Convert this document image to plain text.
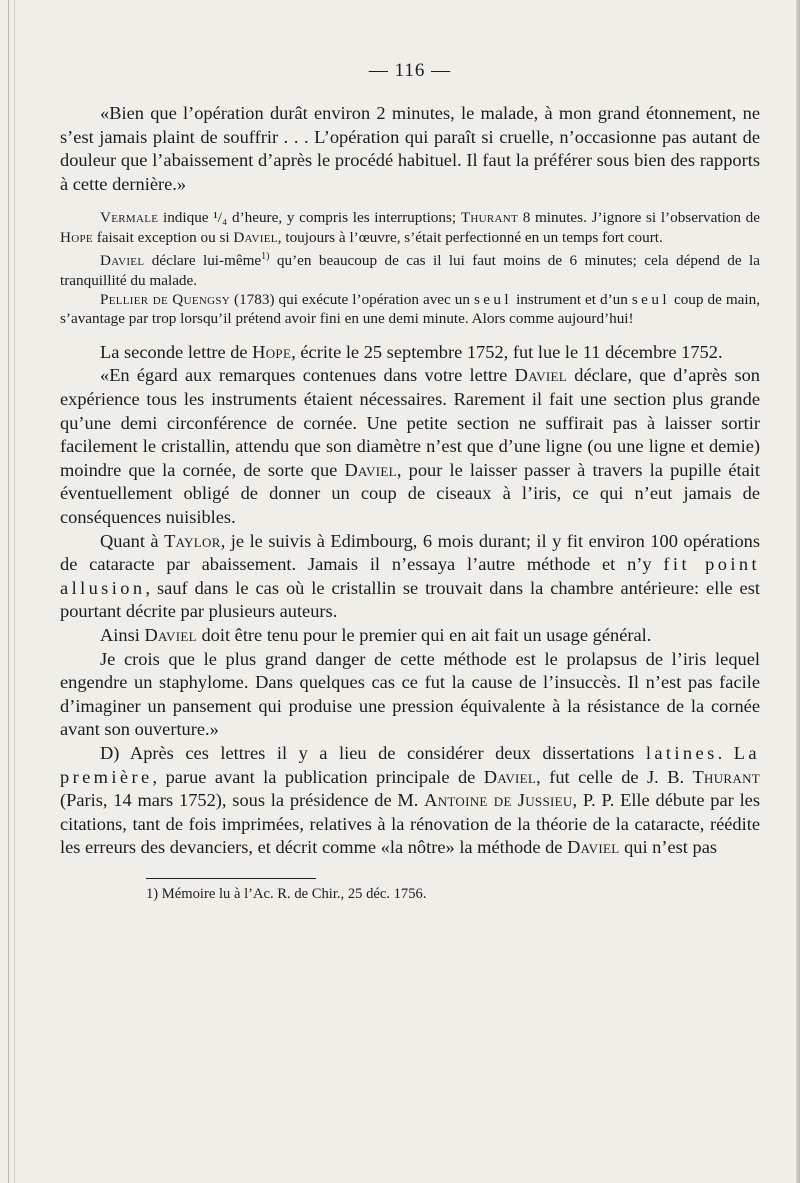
— 116 —

«Bien que l’opération durât environ 2 minutes, le malade, à mon grand étonnement, ne s’est jamais plaint de souffrir . . . L’opération qui paraît si cruelle, n’occasionne pas autant de douleur que l’abaissement d’après le procédé habituel. Il faut la préférer sous bien des rapports à cette dernière.»

Vermale indique ¹/₄ d’heure, y compris les interruptions; Thurant 8 minutes. J’ignore si l’observation de Hope faisait exception ou si Daviel, toujours à l’œuvre, s’était perfectionné en un temps fort court.

Daviel déclare lui-même$^{1)}$ qu’en beaucoup de cas il lui faut moins de 6 minutes; cela dépend de la tranquillité du malade.

Pellier de Quengsy (1783) qui exécute l’opération avec un seul instrument et d’un seul coup de main, s’avantage par trop lorsqu’il prétend avoir fini en une demi minute. Alors comme aujourd’hui!

La seconde lettre de Hope, écrite le 25 septembre 1752, fut lue le 11 décembre 1752.

«En égard aux remarques contenues dans votre lettre Daviel déclare, que d’après son expérience tous les instruments étaient nécessaires. Rarement il fait une section plus grande qu’une demi circonférence de cornée. Une petite section ne suffirait pas à laisser sortir facilement le cristallin, attendu que son diamètre n’est que d’une ligne (ou une ligne et demie) moindre que la cornée, de sorte que Daviel, pour le laisser passer à travers la pupille était éventuellement obligé de donner un coup de ciseaux à l’iris, ce qui n’eut jamais de conséquences nuisibles.

Quant à Taylor, je le suivis à Edimbourg, 6 mois durant; il y fit environ 100 opérations de cataracte par abaissement. Jamais il n’essaya l’autre méthode et n’y fit point allusion, sauf dans le cas où le cristallin se trouvait dans la chambre antérieure: elle est pourtant décrite par plusieurs auteurs.

Ainsi Daviel doit être tenu pour le premier qui en ait fait un usage général.

Je crois que le plus grand danger de cette méthode est le prolapsus de l’iris lequel engendre un staphylome. Dans quelques cas ce fut la cause de l’insuccès. Il n’est pas facile d’imaginer un pansement qui produise une pression équivalente à la résistance de la cornée avant son ouverture.»

D) Après ces lettres il y a lieu de considérer deux dissertations latines. La première, parue avant la publication principale de Daviel, fut celle de J. B. Thurant (Paris, 14 mars 1752), sous la présidence de M. Antoine de Jussieu, P. P. Elle débute par les citations, tant de fois imprimées, relatives à la rénovation de la théorie de la cataracte, réédite les erreurs des devanciers, et décrit comme «la nôtre» la méthode de Daviel qui n’est pas

1) Mémoire lu à l’Ac. R. de Chir., 25 déc. 1756.
